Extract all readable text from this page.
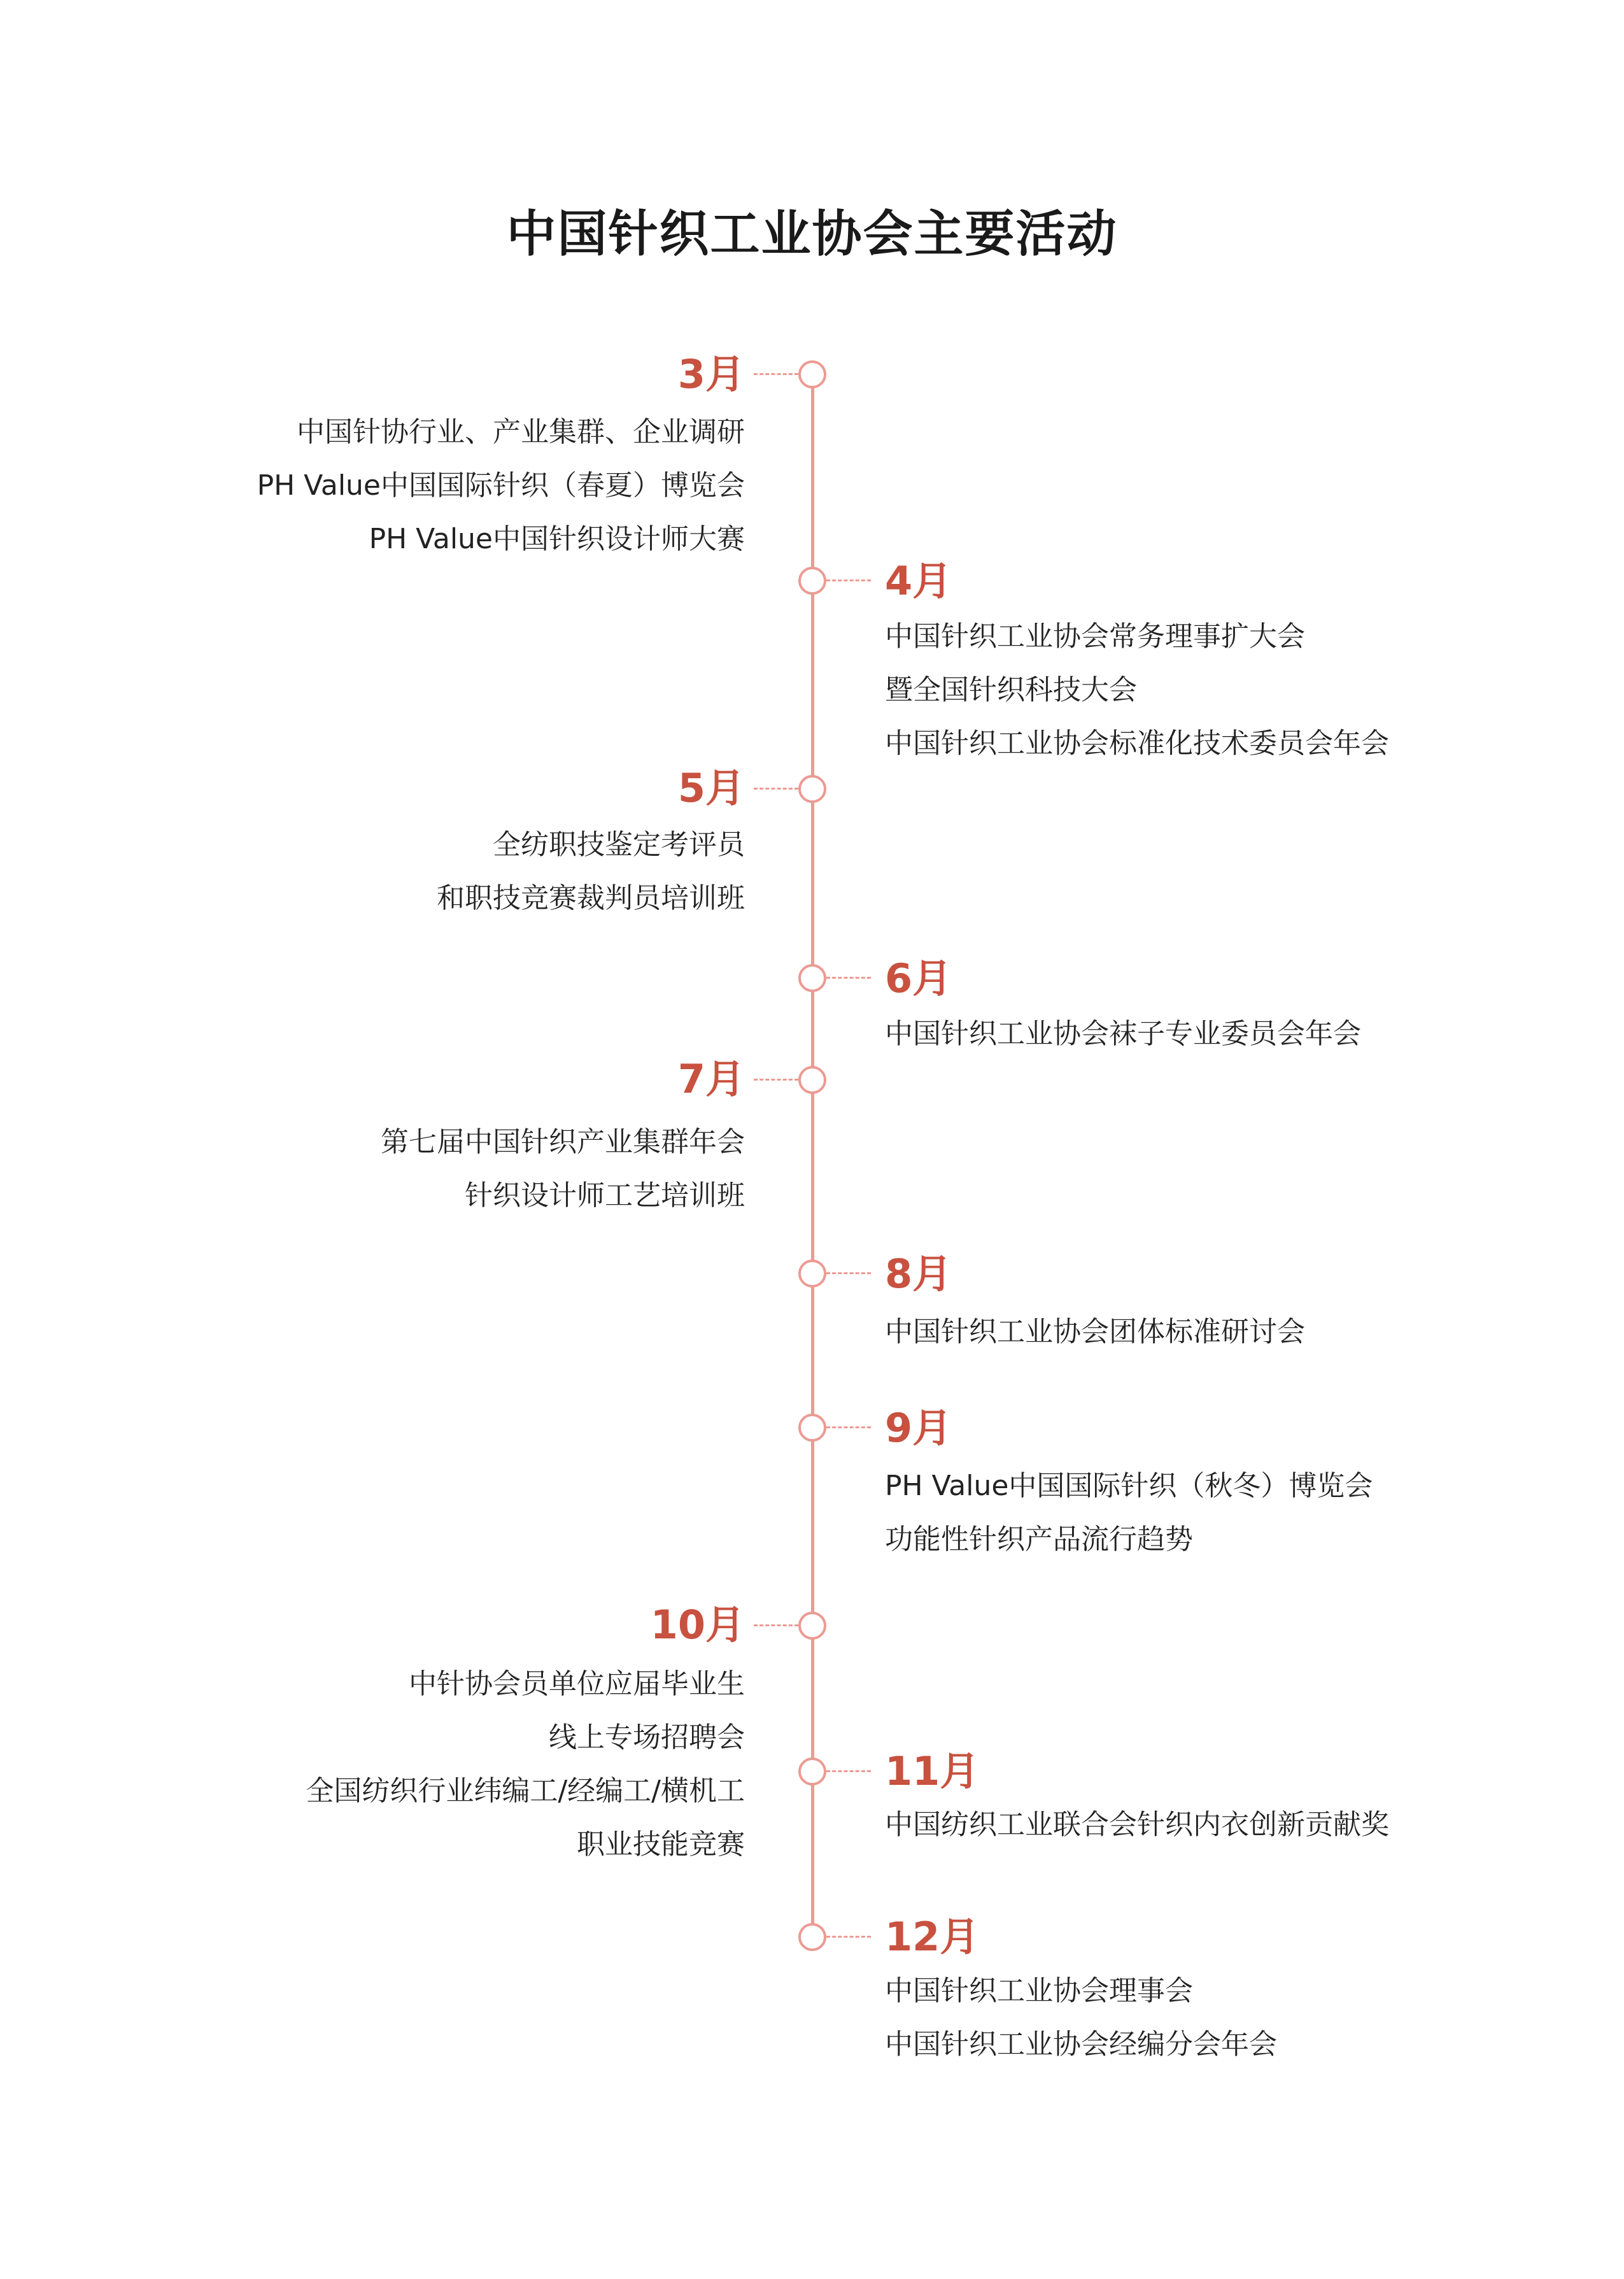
中国针织工业协会主要活动
3月
中国针协行业、产业集群、企业调研
PH Value中国国际针织（春夏）博览会
PH Value中国针织设计师大赛
4月
中国针织工业协会常务理事扩大会
暨全国针织科技大会
中国针织工业协会标准化技术委员会年会
5月
全纺职技鉴定考评员
和职技竞赛裁判员培训班
6月
中国针织工业协会袜子专业委员会年会
7月
第七届中国针织产业集群年会
针织设计师工艺培训班
8月
中国针织工业协会团体标准研讨会
9月
PH Value中国国际针织（秋冬）博览会
功能性针织产品流行趋势
10月
中针协会员单位应届毕业生
线上专场招聘会
全国纺织行业纬编工/经编工/横机工
职业技能竞赛
11月
中国纺织工业联合会针织内衣创新贡献奖
12月
中国针织工业协会理事会
中国针织工业协会经编分会年会
